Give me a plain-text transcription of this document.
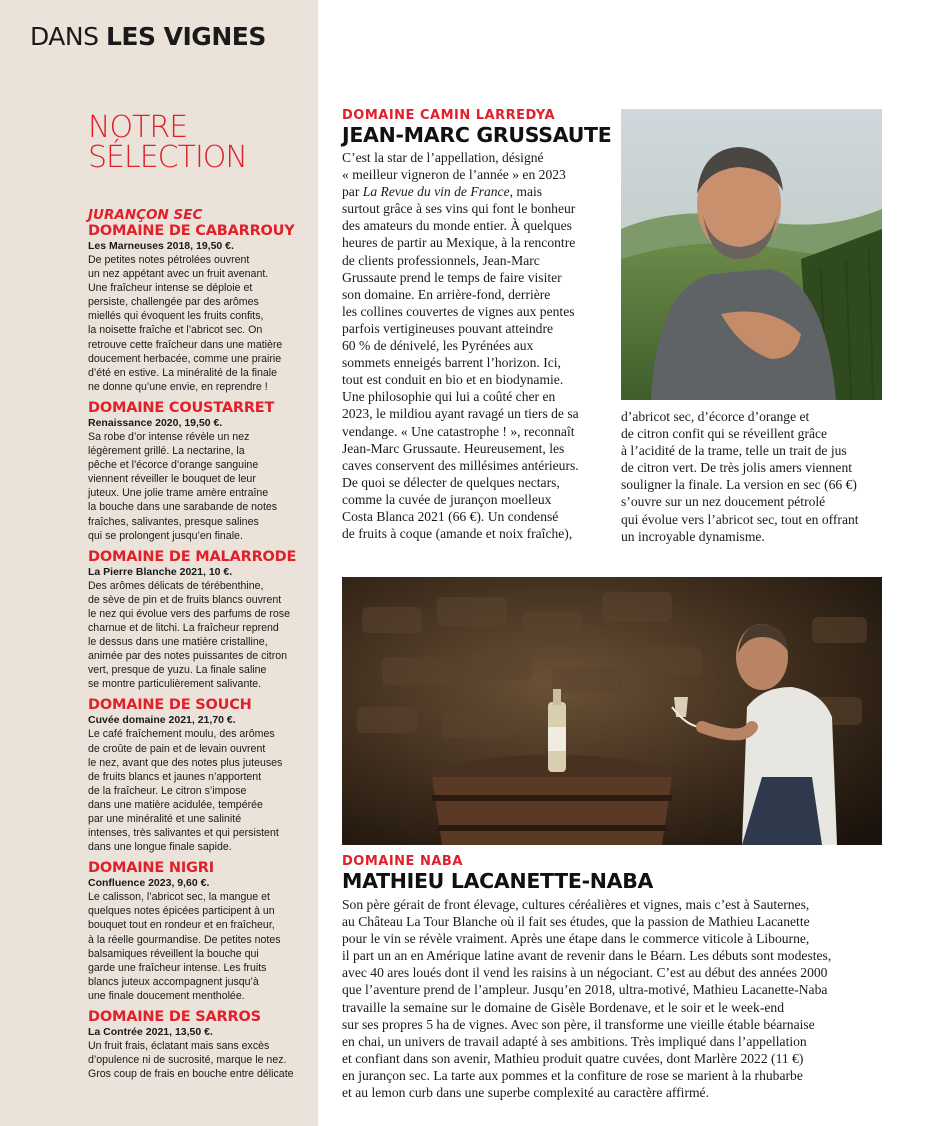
DANS LES VIGNES
NOTRE
SÉLECTION
JURANÇON SEC
DOMAINE DE CABARROUY
Les Marneuses 2018, 19,50 €.
De petites notes pétrolées ouvrent
un nez appétant avec un fruit avenant.
Une fraîcheur intense se déploie et
persiste, challengée par des arômes
miellés qui évoquent les fruits confits,
la noisette fraîche et l’abricot sec. On
retrouve cette fraîcheur dans une matière
doucement herbacée, comme une prairie
d’été en estive. La minéralité de la finale
ne donne qu’une envie, en reprendre !
DOMAINE COUSTARRET
Renaissance 2020, 19,50 €.
Sa robe d’or intense révèle un nez
légèrement grillé. La nectarine, la
pêche et l’écorce d’orange sanguine
viennent réveiller le bouquet de leur
juteux. Une jolie trame amère entraîne
la bouche dans une sarabande de notes
fraîches, salivantes, presque salines
qui se prolongent jusqu’en finale.
DOMAINE DE MALARRODE
La Pierre Blanche 2021, 10 €.
Des arômes délicats de térébenthine,
de sève de pin et de fruits blancs ouvrent
le nez qui évolue vers des parfums de rose
charnue et de litchi. La fraîcheur reprend
le dessus dans une matière cristalline,
animée par des notes puissantes de citron
vert, presque de yuzu. La finale saline
se montre particulièrement salivante.
DOMAINE DE SOUCH
Cuvée domaine 2021, 21,70 €.
Le café fraîchement moulu, des arômes
de croûte de pain et de levain ouvrent
le nez, avant que des notes plus juteuses
de fruits blancs et jaunes n’apportent
de la fraîcheur. Le citron s’impose
dans une matière acidulée, tempérée
par une minéralité et une salinité
intenses, très salivantes et qui persistent
dans une longue finale sapide.
DOMAINE NIGRI
Confluence 2023, 9,60 €.
Le calisson, l’abricot sec, la mangue et
quelques notes épicées participent à un
bouquet tout en rondeur et en fraîcheur,
à la réelle gourmandise. De petites notes
balsamiques réveillent la bouche qui
garde une fraîcheur intense. Les fruits
blancs juteux accompagnent jusqu’à
une finale doucement mentholée.
DOMAINE DE SARROS
La Contrée 2021, 13,50 €.
Un fruit frais, éclatant mais sans excès
d’opulence ni de sucrosité, marque le nez.
Gros coup de frais en bouche entre délicate
DOMAINE CAMIN LARREDYA
JEAN-MARC GRUSSAUTE
C’est la star de l’appellation, désigné
« meilleur vigneron de l’année » en 2023
par La Revue du vin de France, mais
surtout grâce à ses vins qui font le bonheur
des amateurs du monde entier. À quelques
heures de partir au Mexique, à la rencontre
de clients professionnels, Jean-Marc
Grussaute prend le temps de faire visiter
son domaine. En arrière-fond, derrière
les collines couvertes de vignes aux pentes
parfois vertigineuses pouvant atteindre
60 % de dénivelé, les Pyrénées aux
sommets enneigés barrent l’horizon. Ici,
tout est conduit en bio et en biodynamie.
Une philosophie qui lui a coûté cher en
2023, le mildiou ayant ravagé un tiers de sa
vendange. « Une catastrophe ! », reconnaît
Jean-Marc Grussaute. Heureusement, les
caves conservent des millésimes antérieurs.
De quoi se délecter de quelques nectars,
comme la cuvée de jurançon moelleux
Costa Blanca 2021 (66 €). Un condensé
de fruits à coque (amande et noix fraîche),
d’abricot sec, d’écorce d’orange et
de citron confit qui se réveillent grâce
à l’acidité de la trame, telle un trait de jus
de citron vert. De très jolis amers viennent
souligner la finale. La version en sec (66 €)
s’ouvre sur un nez doucement pétrolé
qui évolue vers l’abricot sec, tout en offrant
un incroyable dynamisme.
DOMAINE NABA
MATHIEU LACANETTE-NABA
Son père gérait de front élevage, cultures céréalières et vignes, mais c’est à Sauternes,
au Château La Tour Blanche où il fait ses études, que la passion de Mathieu Lacanette
pour le vin se révèle vraiment. Après une étape dans le commerce viticole à Libourne,
il part un an en Amérique latine avant de revenir dans le Béarn. Les débuts sont modestes,
avec 40 ares loués dont il vend les raisins à un négociant. C’est au début des années 2000
que l’aventure prend de l’ampleur. Jusqu’en 2018, ultra-motivé, Mathieu Lacanette-Naba
travaille la semaine sur le domaine de Gisèle Bordenave, et le soir et le week-end
sur ses propres 5 ha de vignes. Avec son père, il transforme une vieille étable béarnaise
en chai, un univers de travail adapté à ses ambitions. Très impliqué dans l’appellation
et confiant dans son avenir, Mathieu produit quatre cuvées, dont Marlère 2022 (11 €)
en jurançon sec. La tarte aux pommes et la confiture de rose se marient à la rhubarbe
et au lemon curb dans une superbe complexité au caractère affirmé.
